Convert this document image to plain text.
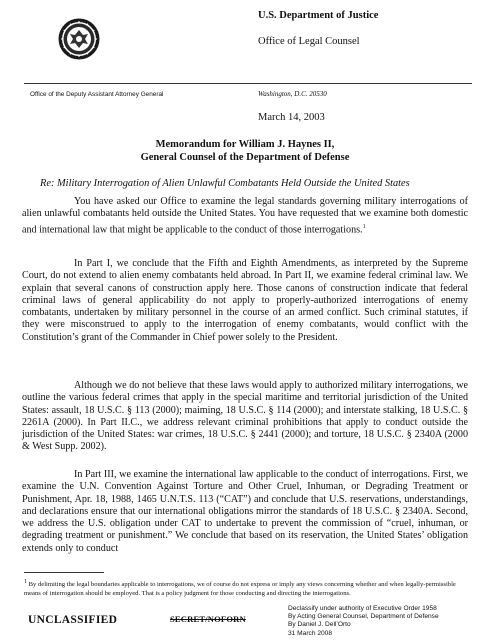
U.S. Department of Justice
Office of Legal Counsel
Office of the Deputy Assistant Attorney General	Washington, D.C. 20530
March 14, 2003
Memorandum for William J. Haynes II,
General Counsel of the Department of Defense
Re: Military Interrogation of Alien Unlawful Combatants Held Outside the United States

You have asked our Office to examine the legal standards governing military interrogations of alien unlawful combatants held outside the United States. You have requested that we examine both domestic and international law that might be applicable to the conduct of those interrogations.$^1$

In Part I, we conclude that the Fifth and Eighth Amendments, as interpreted by the Supreme Court, do not extend to alien enemy combatants held abroad. In Part II, we examine federal criminal law. We explain that several canons of construction apply here. Those canons of construction indicate that federal criminal laws of general applicability do not apply to properly-authorized interrogations of enemy combatants, undertaken by military personnel in the course of an armed conflict. Such criminal statutes, if they were misconstrued to apply to the interrogation of enemy combatants, would conflict with the Constitution’s grant of the Commander in Chief power solely to the President.

Although we do not believe that these laws would apply to authorized military interrogations, we outline the various federal crimes that apply in the special maritime and territorial jurisdiction of the United States: assault, 18 U.S.C. § 113 (2000); maiming, 18 U.S.C. § 114 (2000); and interstate stalking, 18 U.S.C. § 2261A (2000). In Part II.C., we address relevant criminal prohibitions that apply to conduct outside the jurisdiction of the United States: war crimes, 18 U.S.C. § 2441 (2000); and torture, 18 U.S.C. § 2340A (2000 & West Supp. 2002).

In Part III, we examine the international law applicable to the conduct of interrogations. First, we examine the U.N. Convention Against Torture and Other Cruel, Inhuman, or Degrading Treatment or Punishment, Apr. 18, 1988, 1465 U.N.T.S. 113 (“CAT”) and conclude that U.S. reservations, understandings, and declarations ensure that our international obligations mirror the standards of 18 U.S.C. § 2340A. Second, we address the U.S. obligation under CAT to undertake to prevent the commission of “cruel, inhuman, or degrading treatment or punishment.” We conclude that based on its reservation, the United States’ obligation extends only to conduct

$^1$ By delimiting the legal boundaries applicable to interrogations, we of course do not express or imply any views concerning whether and when legally-permissible means of interrogation should be employed. That is a policy judgment for those conducting and directing the interrogations.

Declassify under authority of Executive Order 1958
By Acting General Counsel, Department of Defense
By Daniel J. Dell’Orto
31 March 2008
UNCLASSIFIED	SECRET/NOFORN
